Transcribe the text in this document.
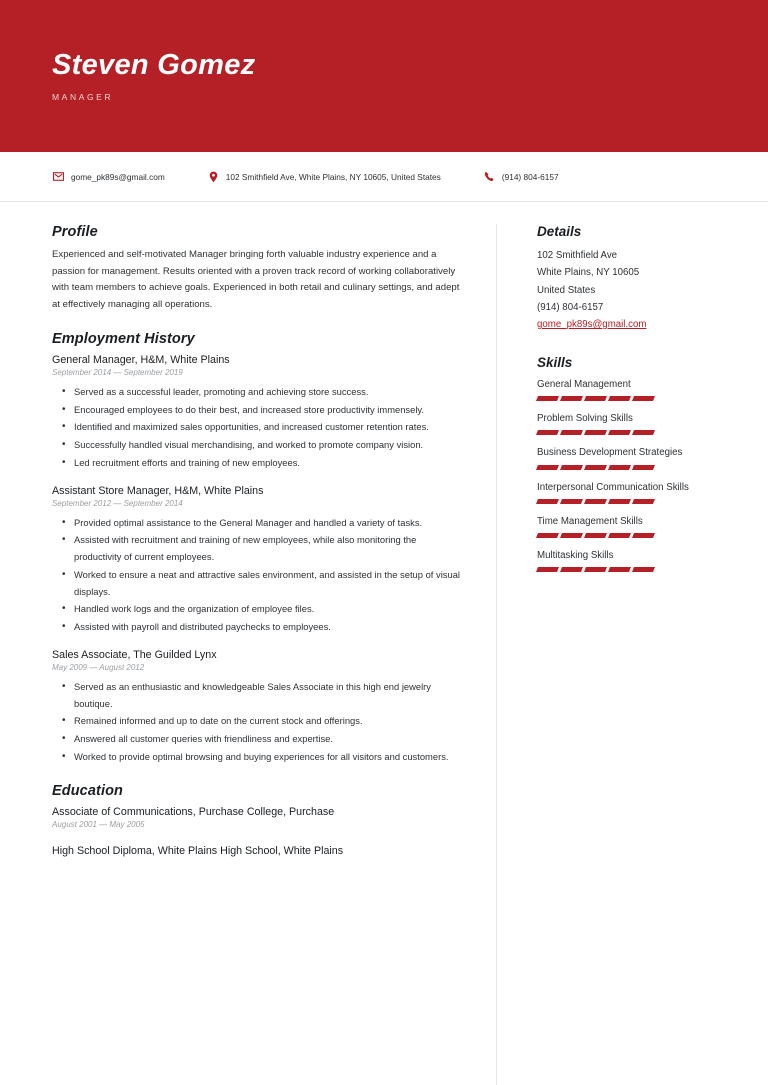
Steven Gomez
MANAGER
gome_pk89s@gmail.com	102 Smithfield Ave, White Plains, NY 10605, United States	(914) 804-6157
Profile

Experienced and self-motivated Manager bringing forth valuable industry experience and a passion for management. Results oriented with a proven track record of working collaboratively with team members to achieve goals. Experienced in both retail and culinary settings, and adept at effectively managing all operations.

Employment History
General Manager, H&M, White Plains
September 2014 — September 2019
• Served as a successful leader, promoting and achieving store success.
• Encouraged employees to do their best, and increased store productivity immensely.
• Identified and maximized sales opportunities, and increased customer retention rates.
• Successfully handled visual merchandising, and worked to promote company vision.
• Led recruitment efforts and training of new employees.
Assistant Store Manager, H&M, White Plains
September 2012 — September 2014
• Provided optimal assistance to the General Manager and handled a variety of tasks.
• Assisted with recruitment and training of new employees, while also monitoring the productivity of current employees.
• Worked to ensure a neat and attractive sales environment, and assisted in the setup of visual displays.
• Handled work logs and the organization of employee files.
• Assisted with payroll and distributed paychecks to employees.
Sales Associate, The Guilded Lynx
May 2009 — August 2012
• Served as an enthusiastic and knowledgeable Sales Associate in this high end jewelry boutique.
• Remained informed and up to date on the current stock and offerings.
• Answered all customer queries with friendliness and expertise.
• Worked to provide optimal browsing and buying experiences for all visitors and customers.
Education
Associate of Communications, Purchase College, Purchase
August 2001 — May 2005
High School Diploma, White Plains High School, White Plains
Details
102 Smithfield Ave
White Plains, NY 10605
United States
(914) 804-6157
gome_pk89s@gmail.com
Skills
General Management
Problem Solving Skills
Business Development Strategies
Interpersonal Communication Skills
Time Management Skills
Multitasking Skills
